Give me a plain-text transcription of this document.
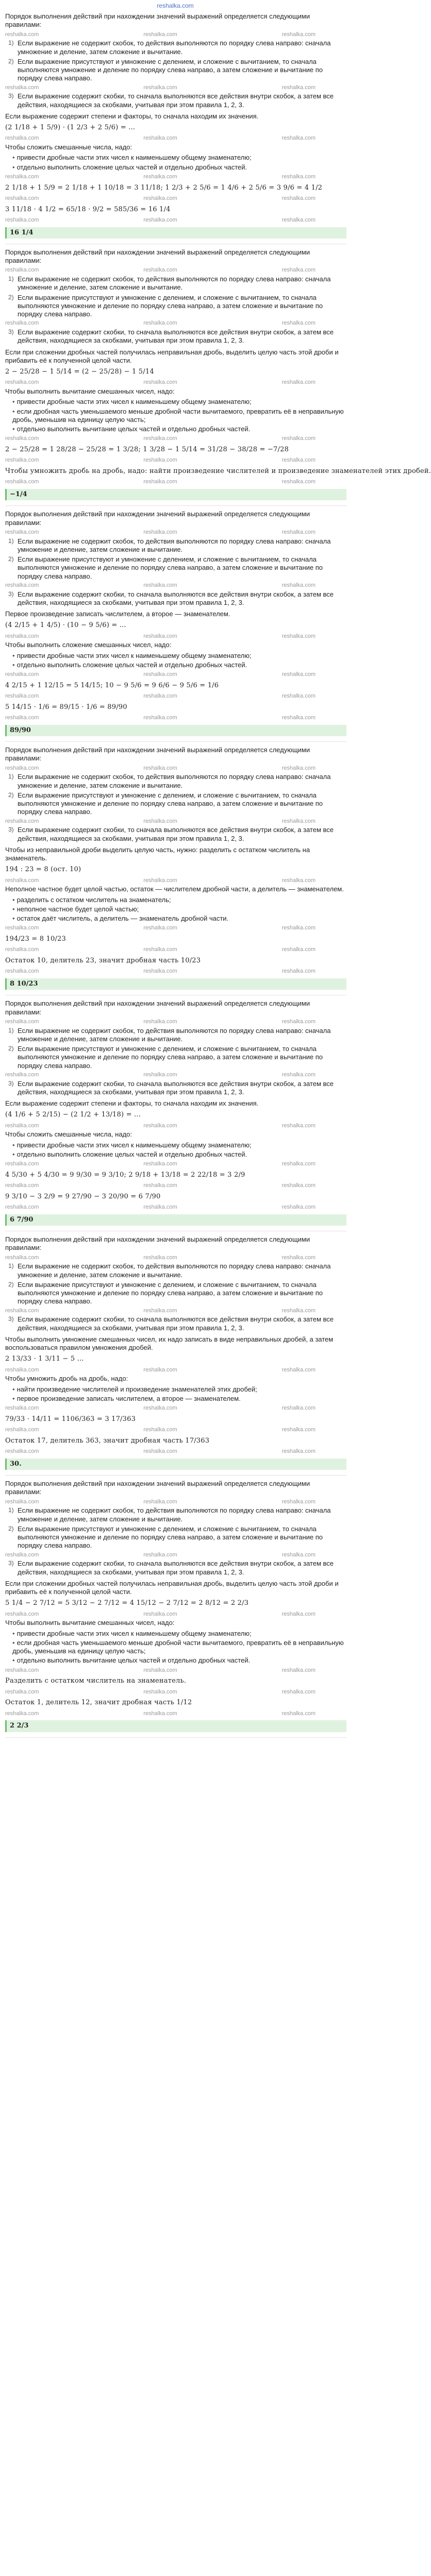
reshalka.com
Порядок выполнения действий при нахождении значений выражений определяется следующими правилами:
reshalka.com	reshalka.com	reshalka.com
1) Если выражение не содержит скобок, то действия выполняются по порядку слева направо: сначала умножение и деление, затем сложение и вычитание.
2) Если выражение присутствуют и умножение с делением, и сложение с вычитанием, то сначала выполняются умножение и деление по порядку слева направо, а затем сложение и вычитание по порядку слева направо.
reshalka.com	reshalka.com	reshalka.com
3) Если выражение содержит скобки, то сначала выполняются все действия внутри скобок, а затем все действия, находящиеся за скобками, учитывая при этом правила 1, 2, 3.
Если выражение содержит степени и факторы, то сначала находим их значения.
(2 1/18 + 1 5/9) · (1 2/3 + 2 5/6) = ...
reshalka.com	reshalka.com	reshalka.com
Чтобы сложить смешанные числа, надо:
• привести дробные части этих чисел к наименьшему общему знаменателю;
• отдельно выполнить сложение целых частей и отдельно дробных частей.
reshalka.com	reshalka.com	reshalka.com
2 1/18 + 1 5/9 = 2 1/18 + 1 10/18 = 3 11/18; 1 2/3 + 2 5/6 = 1 4/6 + 2 5/6 = 3 9/6 = 4 1/2
reshalka.com	reshalka.com	reshalka.com
3 11/18 · 4 1/2 = 65/18 · 9/2 = 585/36 = 16 1/4
reshalka.com	reshalka.com	reshalka.com
16 1/4
Порядок выполнения действий при нахождении значений выражений определяется следующими правилами:
reshalka.com	reshalka.com	reshalka.com
1) Если выражение не содержит скобок, то действия выполняются по порядку слева направо: сначала умножение и деление, затем сложение и вычитание.
2) Если выражение присутствуют и умножение с делением, и сложение с вычитанием, то сначала выполняются умножение и деление по порядку слева направо, а затем сложение и вычитание по порядку слева направо.
reshalka.com	reshalka.com	reshalka.com
3) Если выражение содержит скобки, то сначала выполняются все действия внутри скобок, а затем все действия, находящиеся за скобками, учитывая при этом правила 1, 2, 3.
Если при сложении дробных частей получилась неправильная дробь, выделить целую часть этой дроби и прибавить её к полученной целой части.
2 − 25/28 − 1 5/14 = (2 − 25/28) − 1 5/14
reshalka.com	reshalka.com	reshalka.com
Чтобы выполнить вычитание смешанных чисел, надо:
• привести дробные части этих чисел к наименьшему общему знаменателю;
• если дробная часть уменьшаемого меньше дробной части вычитаемого, превратить её в неправильную дробь, уменьшив на единицу целую часть;
• отдельно выполнить вычитание целых частей и отдельно дробных частей.
reshalka.com	reshalka.com	reshalka.com
2 − 25/28 = 1 28/28 − 25/28 = 1 3/28; 1 3/28 − 1 5/14 = 31/28 − 38/28 = −7/28
reshalka.com	reshalka.com	reshalka.com
Чтобы умножить дробь на дробь, надо: найти произведение числителей и произведение знаменателей этих дробей.
reshalka.com	reshalka.com	reshalka.com
−1/4
Порядок выполнения действий при нахождении значений выражений определяется следующими правилами:
reshalka.com	reshalka.com	reshalka.com
1) Если выражение не содержит скобок, то действия выполняются по порядку слева направо: сначала умножение и деление, затем сложение и вычитание.
2) Если выражение присутствуют и умножение с делением, и сложение с вычитанием, то сначала выполняются умножение и деление по порядку слева направо, а затем сложение и вычитание по порядку слева направо.
reshalka.com	reshalka.com	reshalka.com
3) Если выражение содержит скобки, то сначала выполняются все действия внутри скобок, а затем все действия, находящиеся за скобками, учитывая при этом правила 1, 2, 3.
Первое произведение записать числителем, а второе — знаменателем.
(4 2/15 + 1 4/5) · (10 − 9 5/6) = ...
reshalka.com	reshalka.com	reshalka.com
Чтобы выполнить сложение смешанных чисел, надо:
• привести дробные части этих чисел к наименьшему общему знаменателю;
• отдельно выполнить сложение целых частей и отдельно дробных частей.
reshalka.com	reshalka.com	reshalka.com
4 2/15 + 1 12/15 = 5 14/15; 10 − 9 5/6 = 9 6/6 − 9 5/6 = 1/6
reshalka.com	reshalka.com	reshalka.com
5 14/15 · 1/6 = 89/15 · 1/6 = 89/90
reshalka.com	reshalka.com	reshalka.com
89/90
Порядок выполнения действий при нахождении значений выражений определяется следующими правилами:
reshalka.com	reshalka.com	reshalka.com
1) Если выражение не содержит скобок, то действия выполняются по порядку слева направо: сначала умножение и деление, затем сложение и вычитание.
2) Если выражение присутствуют и умножение с делением, и сложение с вычитанием, то сначала выполняются умножение и деление по порядку слева направо, а затем сложение и вычитание по порядку слева направо.
reshalka.com	reshalka.com	reshalka.com
3) Если выражение содержит скобки, то сначала выполняются все действия внутри скобок, а затем все действия, находящиеся за скобками, учитывая при этом правила 1, 2, 3.
Чтобы из неправильной дроби выделить целую часть, нужно: разделить с остатком числитель на знаменатель.
194 : 23 = 8 (ост. 10)
reshalka.com	reshalka.com	reshalka.com
Неполное частное будет целой частью, остаток — числителем дробной части, а делитель — знаменателем.
• разделить с остатком числитель на знаменатель;
• неполное частное будет целой частью;
• остаток даёт числитель, а делитель — знаменатель дробной части.
reshalka.com	reshalka.com	reshalka.com
194/23 = 8 10/23
reshalka.com	reshalka.com	reshalka.com
Остаток 10, делитель 23, значит дробная часть 10/23
reshalka.com	reshalka.com	reshalka.com
8 10/23
Порядок выполнения действий при нахождении значений выражений определяется следующими правилами:
reshalka.com	reshalka.com	reshalka.com
1) Если выражение не содержит скобок, то действия выполняются по порядку слева направо: сначала умножение и деление, затем сложение и вычитание.
2) Если выражение присутствуют и умножение с делением, и сложение с вычитанием, то сначала выполняются умножение и деление по порядку слева направо, а затем сложение и вычитание по порядку слева направо.
reshalka.com	reshalka.com	reshalka.com
3) Если выражение содержит скобки, то сначала выполняются все действия внутри скобок, а затем все действия, находящиеся за скобками, учитывая при этом правила 1, 2, 3.
Если выражение содержит степени и факторы, то сначала находим их значения.
(4 1/6 + 5 2/15) − (2 1/2 + 13/18) = ...
reshalka.com	reshalka.com	reshalka.com
Чтобы сложить смешанные числа, надо:
• привести дробные части этих чисел к наименьшему общему знаменателю;
• отдельно выполнить сложение целых частей и отдельно дробных частей.
reshalka.com	reshalka.com	reshalka.com
4 5/30 + 5 4/30 = 9 9/30 = 9 3/10; 2 9/18 + 13/18 = 2 22/18 = 3 2/9
reshalka.com	reshalka.com	reshalka.com
9 3/10 − 3 2/9 = 9 27/90 − 3 20/90 = 6 7/90
reshalka.com	reshalka.com	reshalka.com
6 7/90
Порядок выполнения действий при нахождении значений выражений определяется следующими правилами:
reshalka.com	reshalka.com	reshalka.com
1) Если выражение не содержит скобок, то действия выполняются по порядку слева направо: сначала умножение и деление, затем сложение и вычитание.
2) Если выражение присутствуют и умножение с делением, и сложение с вычитанием, то сначала выполняются умножение и деление по порядку слева направо, а затем сложение и вычитание по порядку слева направо.
reshalka.com	reshalka.com	reshalka.com
3) Если выражение содержит скобки, то сначала выполняются все действия внутри скобок, а затем все действия, находящиеся за скобками, учитывая при этом правила 1, 2, 3.
Чтобы выполнить умножение смешанных чисел, их надо записать в виде неправильных дробей, а затем воспользоваться правилом умножения дробей.
2 13/33 · 1 3/11 − 5 ...
reshalka.com	reshalka.com	reshalka.com
Чтобы умножить дробь на дробь, надо:
• найти произведение числителей и произведение знаменателей этих дробей;
• первое произведение записать числителем, а второе — знаменателем.
reshalka.com	reshalka.com	reshalka.com
79/33 · 14/11 = 1106/363 = 3 17/363
reshalka.com	reshalka.com	reshalka.com
Остаток 17, делитель 363, значит дробная часть 17/363
reshalka.com	reshalka.com	reshalka.com
30.
Порядок выполнения действий при нахождении значений выражений определяется следующими правилами:
reshalka.com	reshalka.com	reshalka.com
1) Если выражение не содержит скобок, то действия выполняются по порядку слева направо: сначала умножение и деление, затем сложение и вычитание.
2) Если выражение присутствуют и умножение с делением, и сложение с вычитанием, то сначала выполняются умножение и деление по порядку слева направо, а затем сложение и вычитание по порядку слева направо.
reshalka.com	reshalka.com	reshalka.com
3) Если выражение содержит скобки, то сначала выполняются все действия внутри скобок, а затем все действия, находящиеся за скобками, учитывая при этом правила 1, 2, 3.
Если при сложении дробных частей получилась неправильная дробь, выделить целую часть этой дроби и прибавить её к полученной целой части.
5 1/4 − 2 7/12 = 5 3/12 − 2 7/12 = 4 15/12 − 2 7/12 = 2 8/12 = 2 2/3
reshalka.com	reshalka.com	reshalka.com
Чтобы выполнить вычитание смешанных чисел, надо:
• привести дробные части этих чисел к наименьшему общему знаменателю;
• если дробная часть уменьшаемого меньше дробной части вычитаемого, превратить её в неправильную дробь, уменьшив на единицу целую часть;
• отдельно выполнить вычитание целых частей и отдельно дробных частей.
reshalka.com	reshalka.com	reshalka.com
Разделить с остатком числитель на знаменатель.
reshalka.com	reshalka.com	reshalka.com
Остаток 1, делитель 12, значит дробная часть 1/12
reshalka.com	reshalka.com	reshalka.com
2 2/3
